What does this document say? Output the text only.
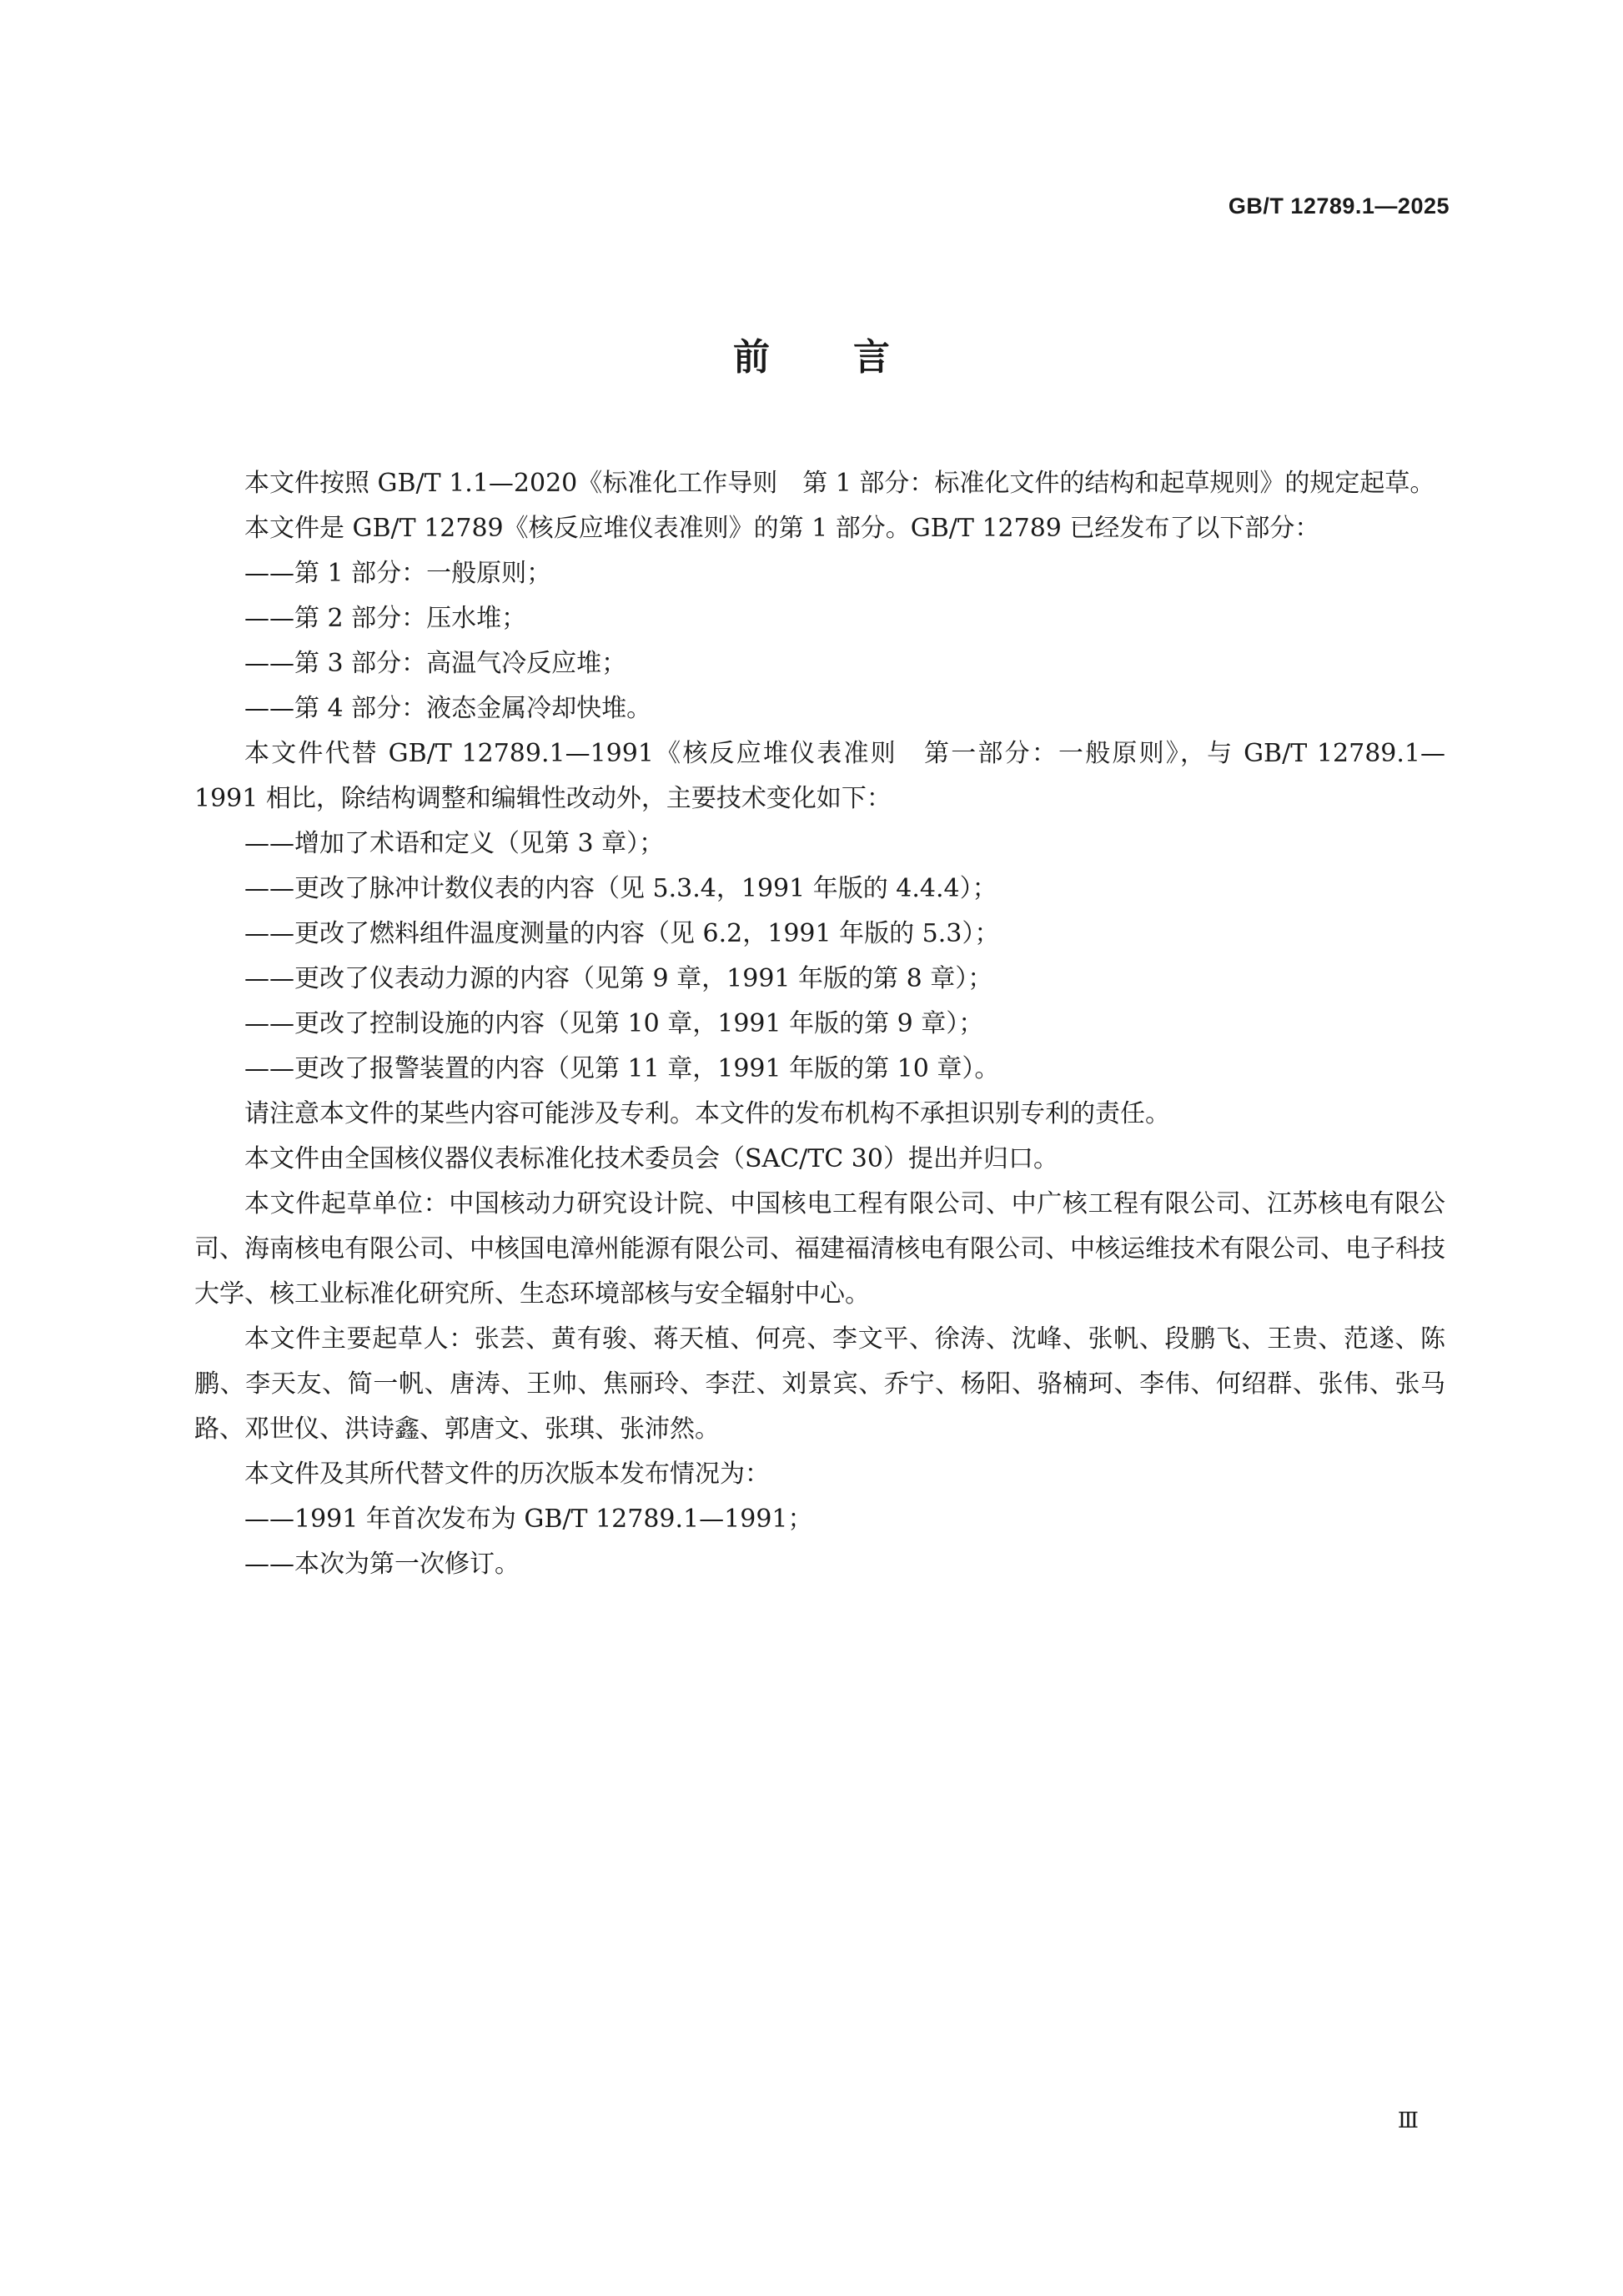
GB/T 12789.1—2025
前言

本文件按照 GB/T 1.1—2020《标准化工作导则　第 1 部分：标准化文件的结构和起草规则》的规定起草。

本文件是 GB/T 12789《核反应堆仪表准则》的第 1 部分。GB/T 12789 已经发布了以下部分：

——第 1 部分：一般原则；

——第 2 部分：压水堆；

——第 3 部分：高温气冷反应堆；

——第 4 部分：液态金属冷却快堆。

本文件代替 GB/T 12789.1—1991《核反应堆仪表准则　第一部分：一般原则》，与 GB/T 12789.1—1991 相比，除结构调整和编辑性改动外，主要技术变化如下：

——增加了术语和定义（见第 3 章）；

——更改了脉冲计数仪表的内容（见 5.3.4，1991 年版的 4.4.4）；

——更改了燃料组件温度测量的内容（见 6.2，1991 年版的 5.3）；

——更改了仪表动力源的内容（见第 9 章，1991 年版的第 8 章）；

——更改了控制设施的内容（见第 10 章，1991 年版的第 9 章）；

——更改了报警装置的内容（见第 11 章，1991 年版的第 10 章）。

请注意本文件的某些内容可能涉及专利。本文件的发布机构不承担识别专利的责任。

本文件由全国核仪器仪表标准化技术委员会（SAC/TC 30）提出并归口。

本文件起草单位：中国核动力研究设计院、中国核电工程有限公司、中广核工程有限公司、江苏核电有限公司、海南核电有限公司、中核国电漳州能源有限公司、福建福清核电有限公司、中核运维技术有限公司、电子科技大学、核工业标准化研究所、生态环境部核与安全辐射中心。

本文件主要起草人：张芸、黄有骏、蒋天植、何亮、李文平、徐涛、沈峰、张帆、段鹏飞、王贵、范遂、陈鹏、李天友、简一帆、唐涛、王帅、焦丽玲、李茳、刘景宾、乔宁、杨阳、骆楠珂、李伟、何绍群、张伟、张马路、邓世仪、洪诗鑫、郭唐文、张琪、张沛然。

本文件及其所代替文件的历次版本发布情况为：

——1991 年首次发布为 GB/T 12789.1—1991；

——本次为第一次修订。

Ⅲ
